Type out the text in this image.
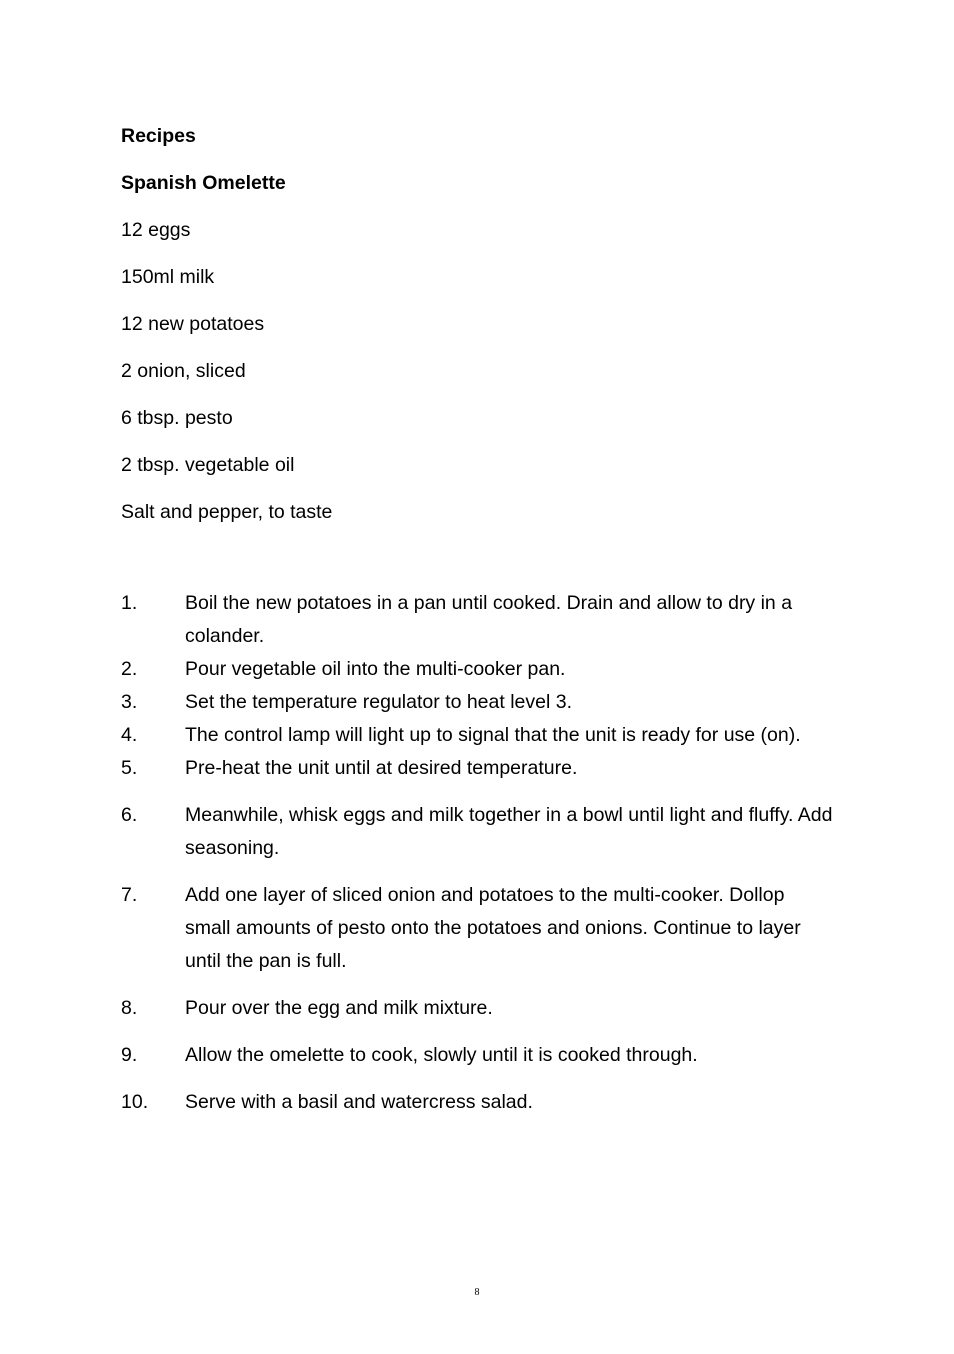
Recipes
Spanish Omelette
12 eggs
150ml milk
12 new potatoes
2 onion, sliced
6 tbsp. pesto
2 tbsp. vegetable oil
Salt and pepper, to taste
1.	Boil the new potatoes in a pan until cooked. Drain and allow to dry in a colander.
2.	Pour vegetable oil into the multi-cooker pan.
3.	Set the temperature regulator to heat level 3.
4.	The control lamp will light up to signal that the unit is ready for use (on).
5.	Pre-heat the unit until at desired temperature.
6.	Meanwhile, whisk eggs and milk together in a bowl until light and fluffy. Add seasoning.
7.	Add one layer of sliced onion and potatoes to the multi-cooker. Dollop small amounts of pesto onto the potatoes and onions. Continue to layer until the pan is full.
8.	Pour over the egg and milk mixture.
9.	Allow the omelette to cook, slowly until it is cooked through.
10.	Serve with a basil and watercress salad.
8
